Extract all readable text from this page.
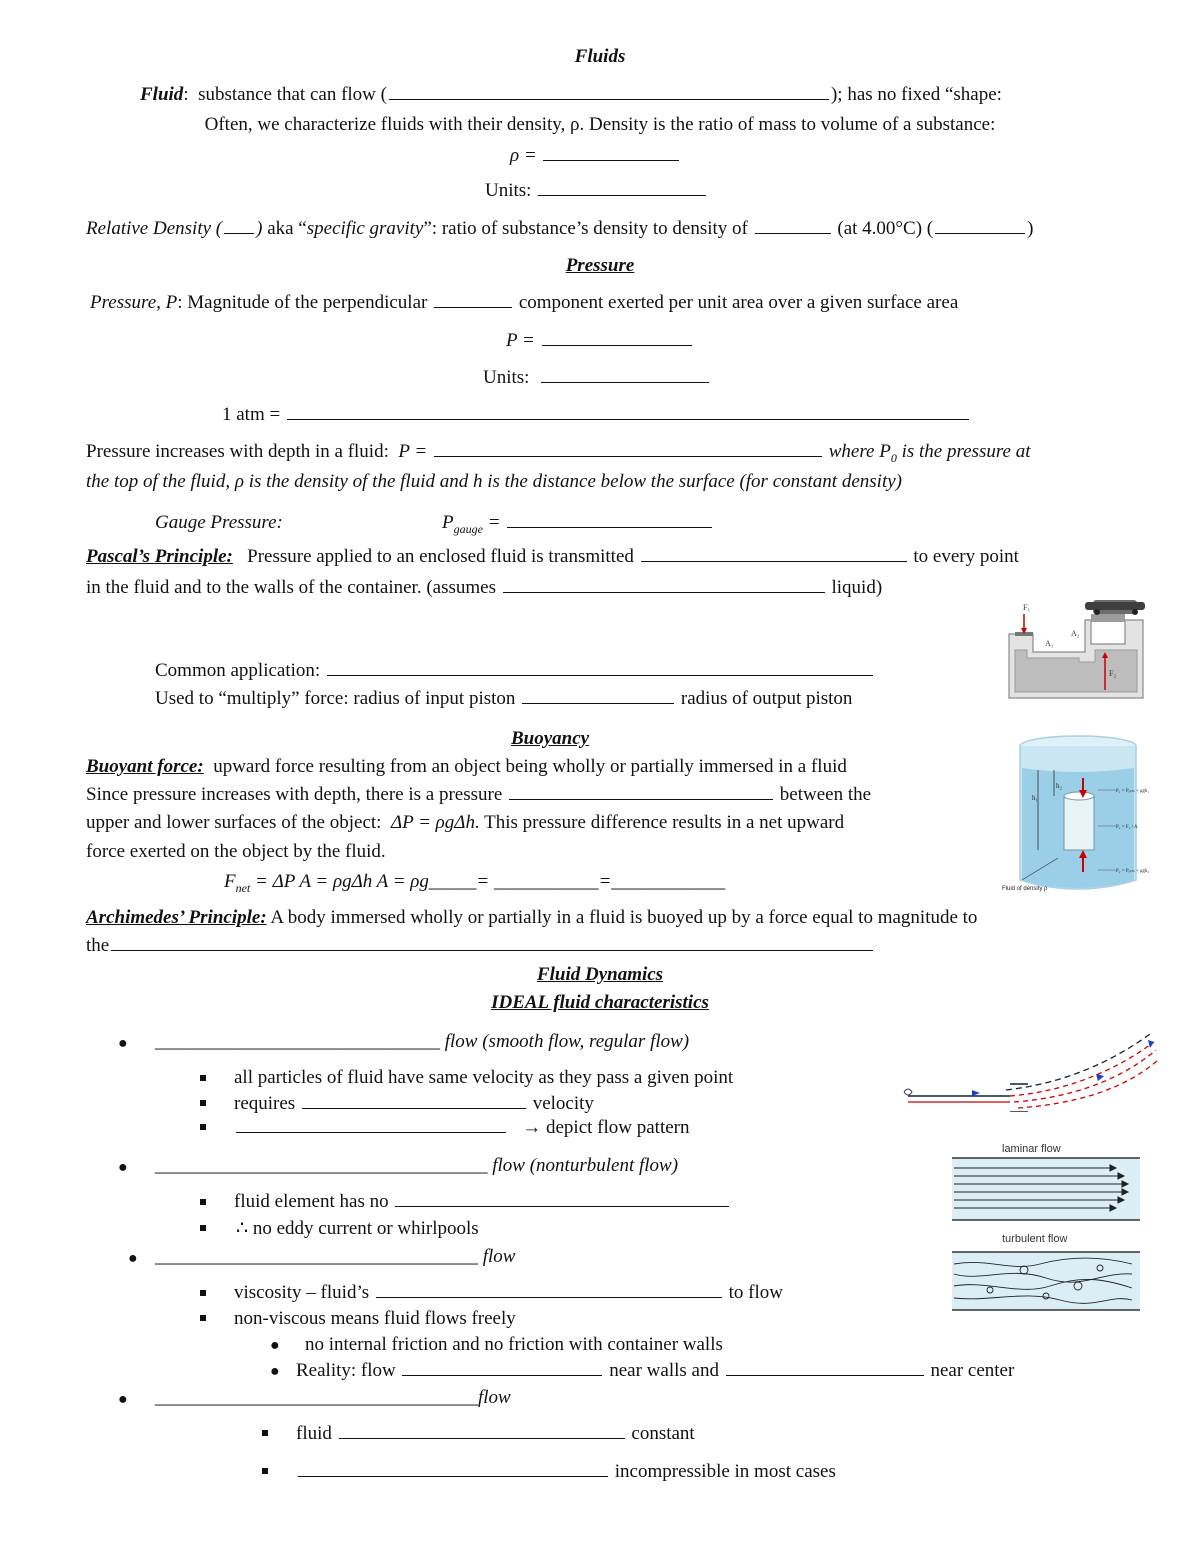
Fluids
Fluid:  substance that can flow (	); has no fixed “shape:
Often, we characterize fluids with their density, ρ. Density is the ratio of mass to volume of a substance:
ρ =
Units:
Relative Density ( ) aka “specific gravity”: ratio of substance’s density to density of	(at 4.00°C) (	)
Pressure
Pressure, P: Magnitude of the perpendicular	component exerted per unit area over a given surface area
P =
Units:
1 atm =
Pressure increases with depth in a fluid: P =	where $P_0$ is the pressure at
the top of the fluid, ρ is the density of the fluid and h is the distance below the surface (for constant density)
Gauge Pressure:	$P_{gauge}$ =
Pascal’s Principle: Pressure applied to an enclosed fluid is transmitted	to every point
in the fluid and to the walls of the container. (assumes	liquid)
Common application:
Used to “multiply” force: radius of input piston	radius of output piston
F₁
A₁
A₂
F₂
Buoyancy
Buoyant force: upward force resulting from an object being wholly or partially immersed in a fluid
Since pressure increases with depth, there is a pressure	between the
upper and lower surfaces of the object: ΔP = ρgΔh. This pressure difference results in a net upward
force exerted on the object by the fluid.
$F_{net} = \Delta P$ A = ρgΔh A = ρg_____= ___________=____________
h₁
h₂
P₁ = Pₐₜₘ + ρgh₁
P₁ = F₁ / A
P₂ = Pₐₜₘ + ρgh₂
Fluid of density ρ
Archimedes’ Principle: A body immersed wholly or partially in a fluid is buoyed up by a force equal to magnitude to
the
Fluid Dynamics
IDEAL fluid characteristics
● ______________________________ flow (smooth flow, regular flow)
all particles of fluid have same velocity as they pass a given point
requires	velocity
→ depict flow pattern
● ___________________________________ flow (nonturbulent flow)
fluid element has no
∴ no eddy current or whirlpools
laminar flow
turbulent flow
● __________________________________ flow
viscosity – fluid’s	to flow
non-viscous means fluid flows freely
● no internal friction and no friction with container walls
● Reality: flow	near walls and	near center
● __________________________________flow
fluid	constant
incompressible in most cases
